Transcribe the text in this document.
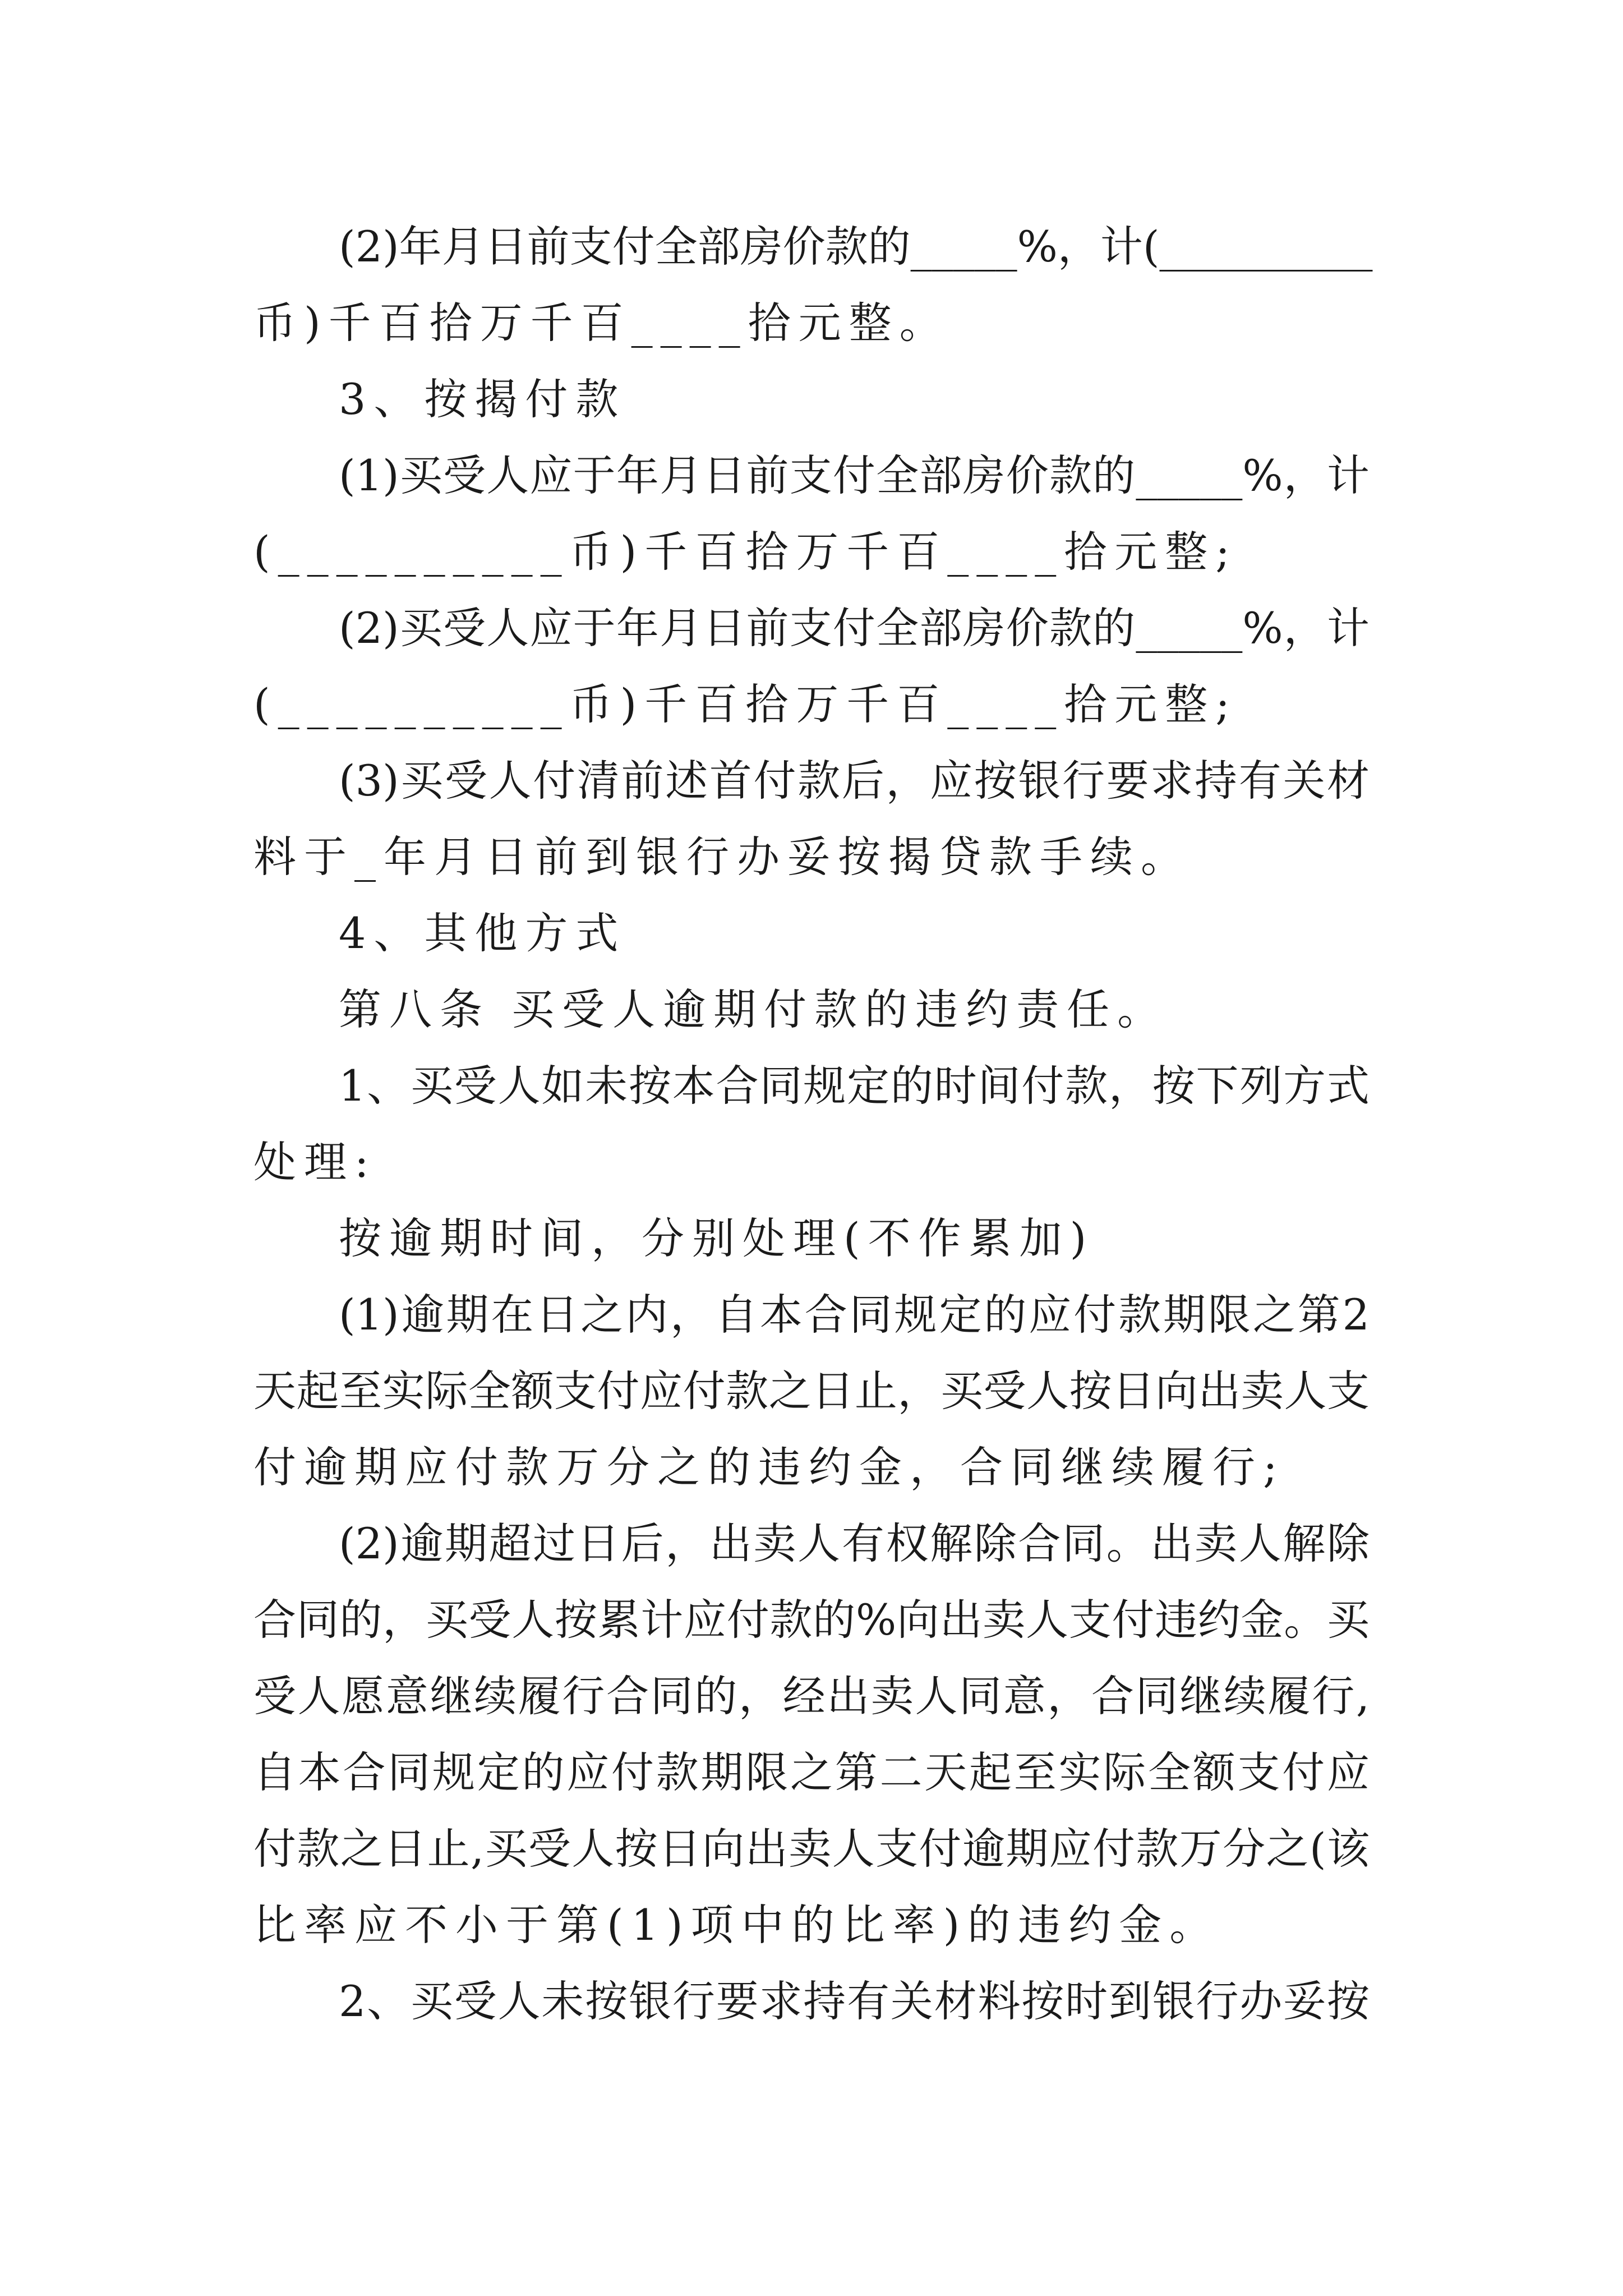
(2)年月日前支付全部房价款的_____%，计(__________
币)千百拾万千百____拾元整。
3、按揭付款
(1)买受人应于年月日前支付全部房价款的_____%，计
(__________币)千百拾万千百____拾元整;
(2)买受人应于年月日前支付全部房价款的_____%，计
(__________币)千百拾万千百____拾元整;
(3)买受人付清前述首付款后，应按银行要求持有关材
料于_年月日前到银行办妥按揭贷款手续。
4、其他方式
第八条 买受人逾期付款的违约责任。
1、买受人如未按本合同规定的时间付款，按下列方式
处理:
按逾期时间，分别处理(不作累加)
(1)逾期在日之内，自本合同规定的应付款期限之第2
天起至实际全额支付应付款之日止，买受人按日向出卖人支
付逾期应付款万分之的违约金，合同继续履行;
(2)逾期超过日后，出卖人有权解除合同。出卖人解除
合同的，买受人按累计应付款的%向出卖人支付违约金。买
受人愿意继续履行合同的，经出卖人同意，合同继续履行,
自本合同规定的应付款期限之第二天起至实际全额支付应
付款之日止,买受人按日向出卖人支付逾期应付款万分之(该
比率应不小于第(1)项中的比率)的违约金。
2、买受人未按银行要求持有关材料按时到银行办妥按
